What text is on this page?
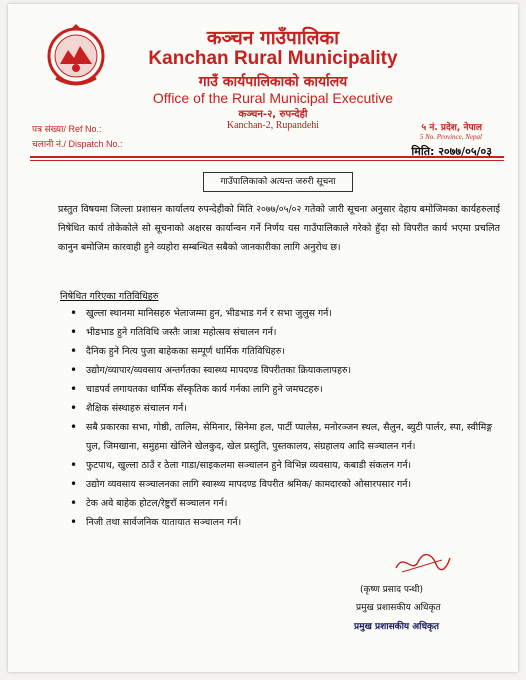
कञ्चन गाउँपालिका
Kanchan Rural Municipality
गाउँ कार्यपालिकाको कार्यालय
Office of the Rural Municipal Executive
कञ्चन-२, रुपन्देही
Kanchan-2, Rupandehi
पत्र संख्या/ Ref No.:
चलानी नं./ Dispatch No.:
५ नं. प्रदेश, नेपाल
5 No. Province, Nepal
मिति: २०७७/०५/०३
गाउँपालिकाको अत्यन्त जरुरी सूचना
प्रस्तुत विषयमा जिल्ला प्रशासन कार्यालय रुपन्देहीको मिति २०७७/०५/०२ गतेको जारी सूचना अनुसार देहाय बमोजिमका कार्यहरुलाई निषेधित कार्य तोकेकोले सो सूचनाको अक्षरस कार्यान्वन गर्ने निर्णय यस गाउँपालिकाले गरेको हुँदा सो विपरीत कार्य भएमा प्रचलित कानुन बमोजिम कारवाही हुने व्यहोरा सम्बन्धित सबैको जानकारीका लागि अनुरोध छ।
निषेधित गरिएका गतिविधिहरु
• खुल्ला स्थानमा मानिसहरु भेलाजम्मा हुन, भीडभाड गर्न र सभा जुलुस गर्न।
• भीडभाड हुने गतिविधि जस्तैः जात्रा महोत्सव संचालन गर्न।
• दैनिक हुने नित्य पुजा बाहेकका सम्पूर्ण धार्मिक गतिविधिहरु।
• उद्योग/व्यापार/व्यवसाय अन्तर्गतका स्वास्थ्य मापदण्ड विपरीतका क्रियाकलापहरु।
• चाडपर्व लगायतका धार्मिक सँस्कृतिक कार्य गर्नका लागि हुने जमघटहरु।
• शैक्षिक संस्थाहरु संचालन गर्न।
• सबै प्रकारका सभा, गोष्ठी, तालिम, सेमिनार, सिनेमा हल, पार्टी प्यालेस, मनोरञ्जन स्थल, सैलुन, ब्युटी पार्लर, स्पा, स्वीमिङ्ग पुल, जिमखाना, समुहमा खेलिने खेलकुद, खेल प्रस्तुति, पुस्तकालय, संग्रहालय आदि सञ्चालन गर्न।
• फुटपाथ, खुल्ला ठाउँ र ठेला गाडा/साइकलमा सञ्चालन हुने विभिन्न व्यवसाय, कबाडी संकलन गर्न।
• उद्योग व्यवसाय सञ्चालनका लागि स्वास्थ्य मापदण्ड विपरीत श्रमिक/ कामदारको ओसारपसार गर्न।
• टेक अवे बाहेक होटल/रेष्टुराँ सञ्चालन गर्न।
• निजी तथा सार्वजनिक यातायात सञ्चालन गर्न।
(कृष्ण प्रसाद पन्थी)
प्रमुख प्रशासकीय अधिकृत
प्रमुख प्रशासकीय अधिकृत
